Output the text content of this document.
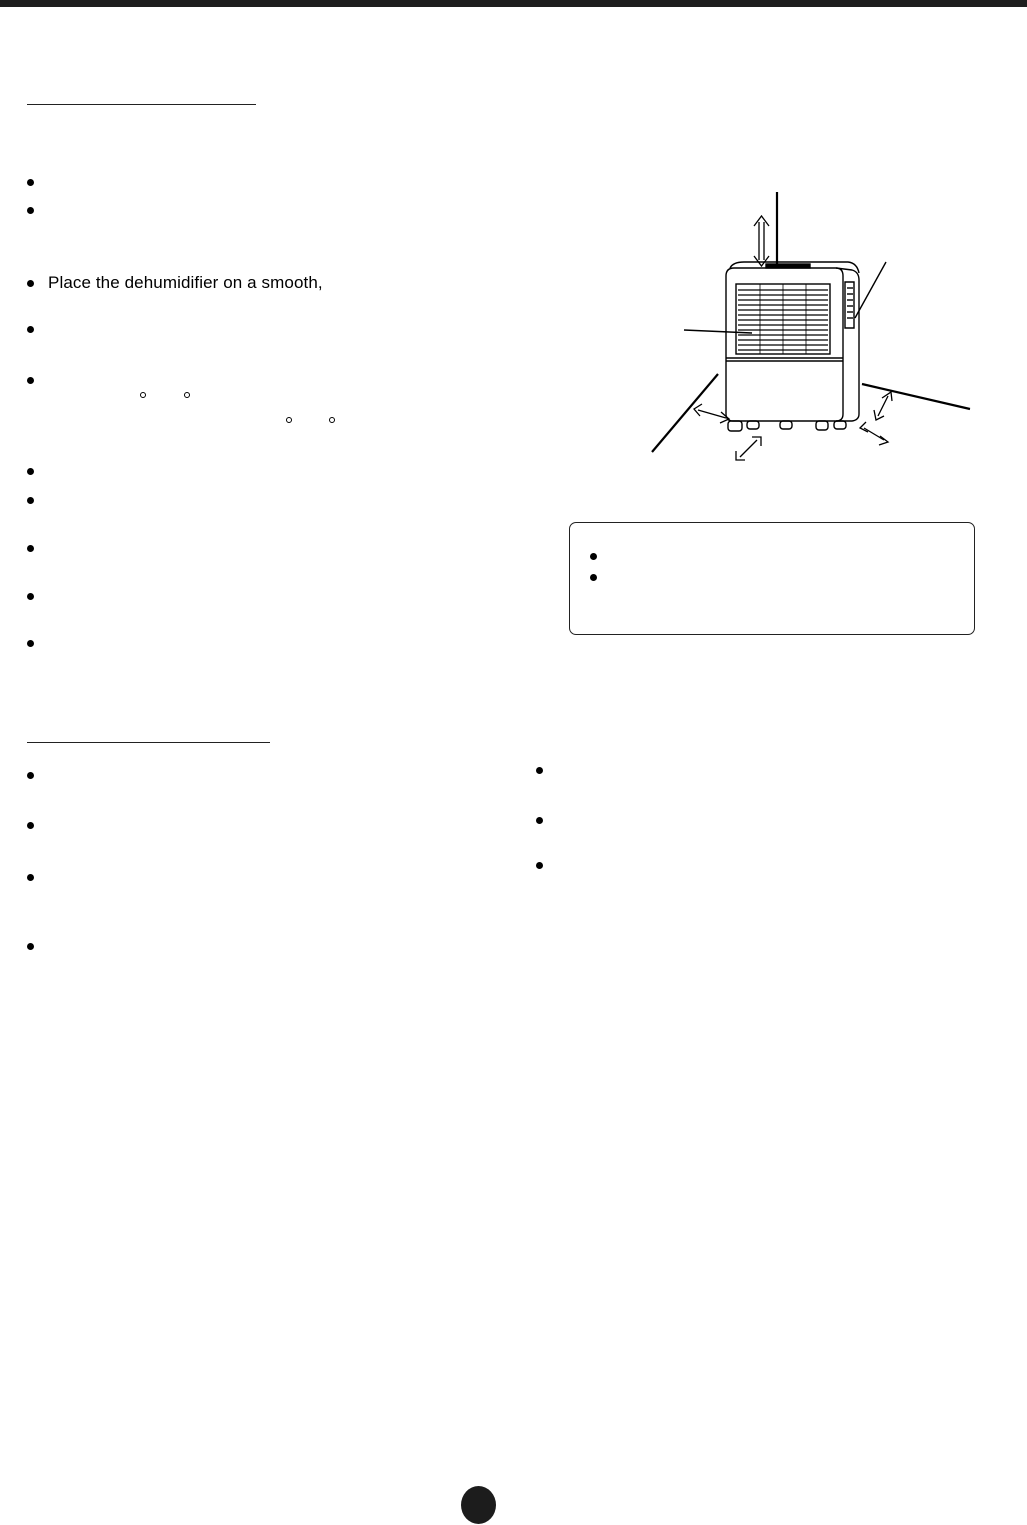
Place the dehumidifier on a smooth,
